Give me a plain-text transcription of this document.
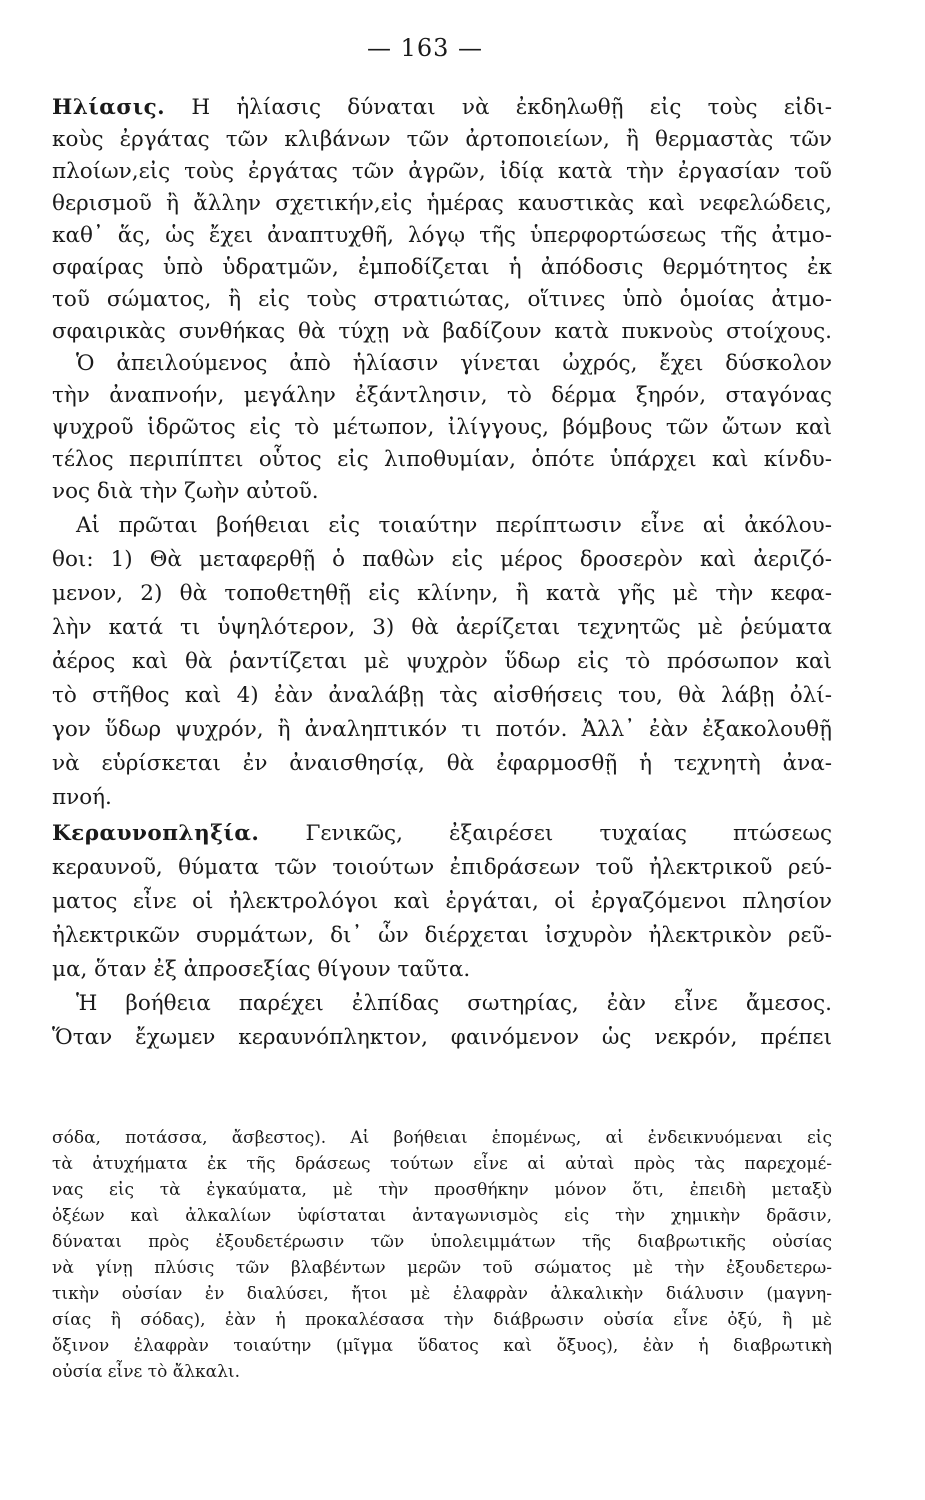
— 163 —
Ηλίασις. Η ἡλίασις δύναται νὰ ἐκδηλωθῇ εἰς τοὺς εἰδι-
κοὺς ἐργάτας τῶν κλιβάνων τῶν ἀρτοποιείων, ἢ θερμαστὰς τῶν
πλοίων,εἰς τοὺς ἐργάτας τῶν ἀγρῶν, ἰδίᾳ κατὰ τὴν ἐργασίαν τοῦ
θερισμοῦ ἢ ἄλλην σχετικήν,εἰς ἡμέρας καυστικὰς καὶ νεφελώδεις,
καθ᾽ ἅς, ὡς ἔχει ἀναπτυχθῆ, λόγῳ τῆς ὑπερφορτώσεως τῆς ἀτμο-
σφαίρας ὑπὸ ὑδρατμῶν, ἐμποδίζεται ἡ ἀπόδοσις θερμότητος ἐκ
τοῦ σώματος, ἢ εἰς τοὺς στρατιώτας, οἵτινες ὑπὸ ὁμοίας ἀτμο-
σφαιρικὰς συνθήκας θὰ τύχῃ νὰ βαδίζουν κατὰ πυκνοὺς στοίχους.
Ὁ ἀπειλούμενος ἀπὸ ἡλίασιν γίνεται ὠχρός, ἔχει δύσκολον
τὴν ἀναπνοήν, μεγάλην ἐξάντλησιν, τὸ δέρμα ξηρόν, σταγόνας
ψυχροῦ ἱδρῶτος εἰς τὸ μέτωπον, ἰλίγγους, βόμβους τῶν ὤτων καὶ
τέλος περιπίπτει οὗτος εἰς λιποθυμίαν, ὁπότε ὑπάρχει καὶ κίνδυ-
νος διὰ τὴν ζωὴν αὐτοῦ.
Αἱ πρῶται βοήθειαι εἰς τοιαύτην περίπτωσιν εἶνε αἱ ἀκόλου-
θοι: 1) Θὰ μεταφερθῇ ὁ παθὼν εἰς μέρος δροσερὸν καὶ ἀεριζό-
μενον, 2) θὰ τοποθετηθῇ εἰς κλίνην, ἢ κατὰ γῆς μὲ τὴν κεφα-
λὴν κατά τι ὑψηλότερον, 3) θὰ ἀερίζεται τεχνητῶς μὲ ῥεύματα
ἀέρος καὶ θὰ ῥαντίζεται μὲ ψυχρὸν ὕδωρ εἰς τὸ πρόσωπον καὶ
τὸ στῆθος καὶ 4) ἐὰν ἀναλάβῃ τὰς αἰσθήσεις του, θὰ λάβῃ ὀλί-
γον ὕδωρ ψυχρόν, ἢ ἀναληπτικόν τι ποτόν. Ἀλλ᾽ ἐὰν ἐξακολουθῇ
νὰ εὑρίσκεται ἐν ἀναισθησίᾳ, θὰ ἐφαρμοσθῇ ἡ τεχνητὴ ἀνα-
πνοή.
Κεραυνοπληξία. Γενικῶς, ἐξαιρέσει τυχαίας πτώσεως
κεραυνοῦ, θύματα τῶν τοιούτων ἐπιδράσεων τοῦ ἠλεκτρικοῦ ρεύ-
ματος εἶνε οἱ ἠλεκτρολόγοι καὶ ἐργάται, οἱ ἐργαζόμενοι πλησίον
ἠλεκτρικῶν συρμάτων, δι᾽ ὧν διέρχεται ἰσχυρὸν ἠλεκτρικὸν ρεῦ-
μα, ὅταν ἐξ ἀπροσεξίας θίγουν ταῦτα.
Ἡ βοήθεια παρέχει ἐλπίδας σωτηρίας, ἐὰν εἶνε ἄμεσος.
Ὅταν ἔχωμεν κεραυνόπληκτον, φαινόμενον ὡς νεκρόν, πρέπει
σόδα, ποτάσσα, ἄσβεστος). Αἱ βοήθειαι ἑπομένως, αἱ ἐνδεικνυόμεναι εἰς
τὰ ἀτυχήματα ἐκ τῆς δράσεως τούτων εἶνε αἱ αὐταὶ πρὸς τὰς παρεχομέ-
νας εἰς τὰ ἐγκαύματα, μὲ τὴν προσθήκην μόνον ὅτι, ἐπειδὴ μεταξὺ
ὀξέων καὶ ἀλκαλίων ὑφίσταται ἀνταγωνισμὸς εἰς τὴν χημικὴν δρᾶσιν,
δύναται πρὸς ἐξουδετέρωσιν τῶν ὑπολειμμάτων τῆς διαβρωτικῆς οὐσίας
νὰ γίνῃ πλύσις τῶν βλαβέντων μερῶν τοῦ σώματος μὲ τὴν ἐξουδετερω-
τικὴν οὐσίαν ἐν διαλύσει, ἤτοι μὲ ἐλαφρὰν ἀλκαλικὴν διάλυσιν (μαγνη-
σίας ἢ σόδας), ἐὰν ἡ προκαλέσασα τὴν διάβρωσιν οὐσία εἶνε ὀξύ, ἢ μὲ
ὄξινον ἐλαφρὰν τοιαύτην (μῖγμα ὕδατος καὶ ὄξυος), ἐὰν ἡ διαβρωτικὴ
οὐσία εἶνε τὸ ἄλκαλι.
